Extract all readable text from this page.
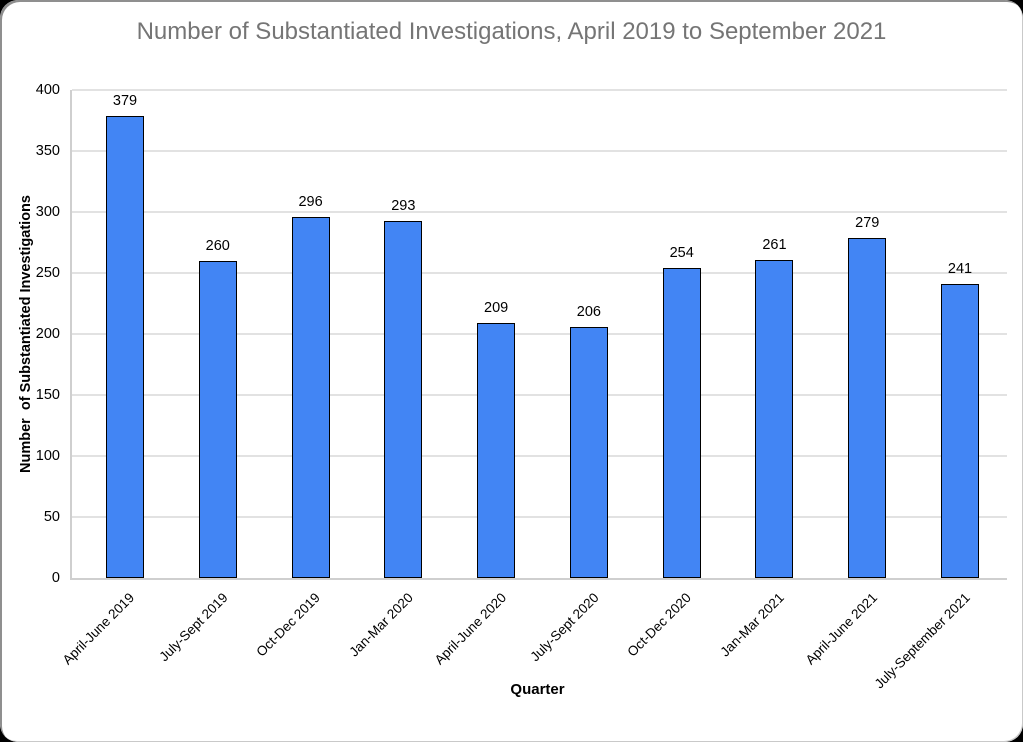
Number of Substantiated Investigations, April 2019 to September 2021
Number  of Substantiated Investigations
379
260
296	293
209	206
254
261
279
241
0
50
100
150
200
250
300
350
400
April-June 2019 July-Sept 2019 Oct-Dec 2019 Jan-Mar 2020 April-June 2020 July-Sept 2020 Oct-Dec 2020 Jan-Mar 2021 April-June 2021
July-September 2021
Quarter
